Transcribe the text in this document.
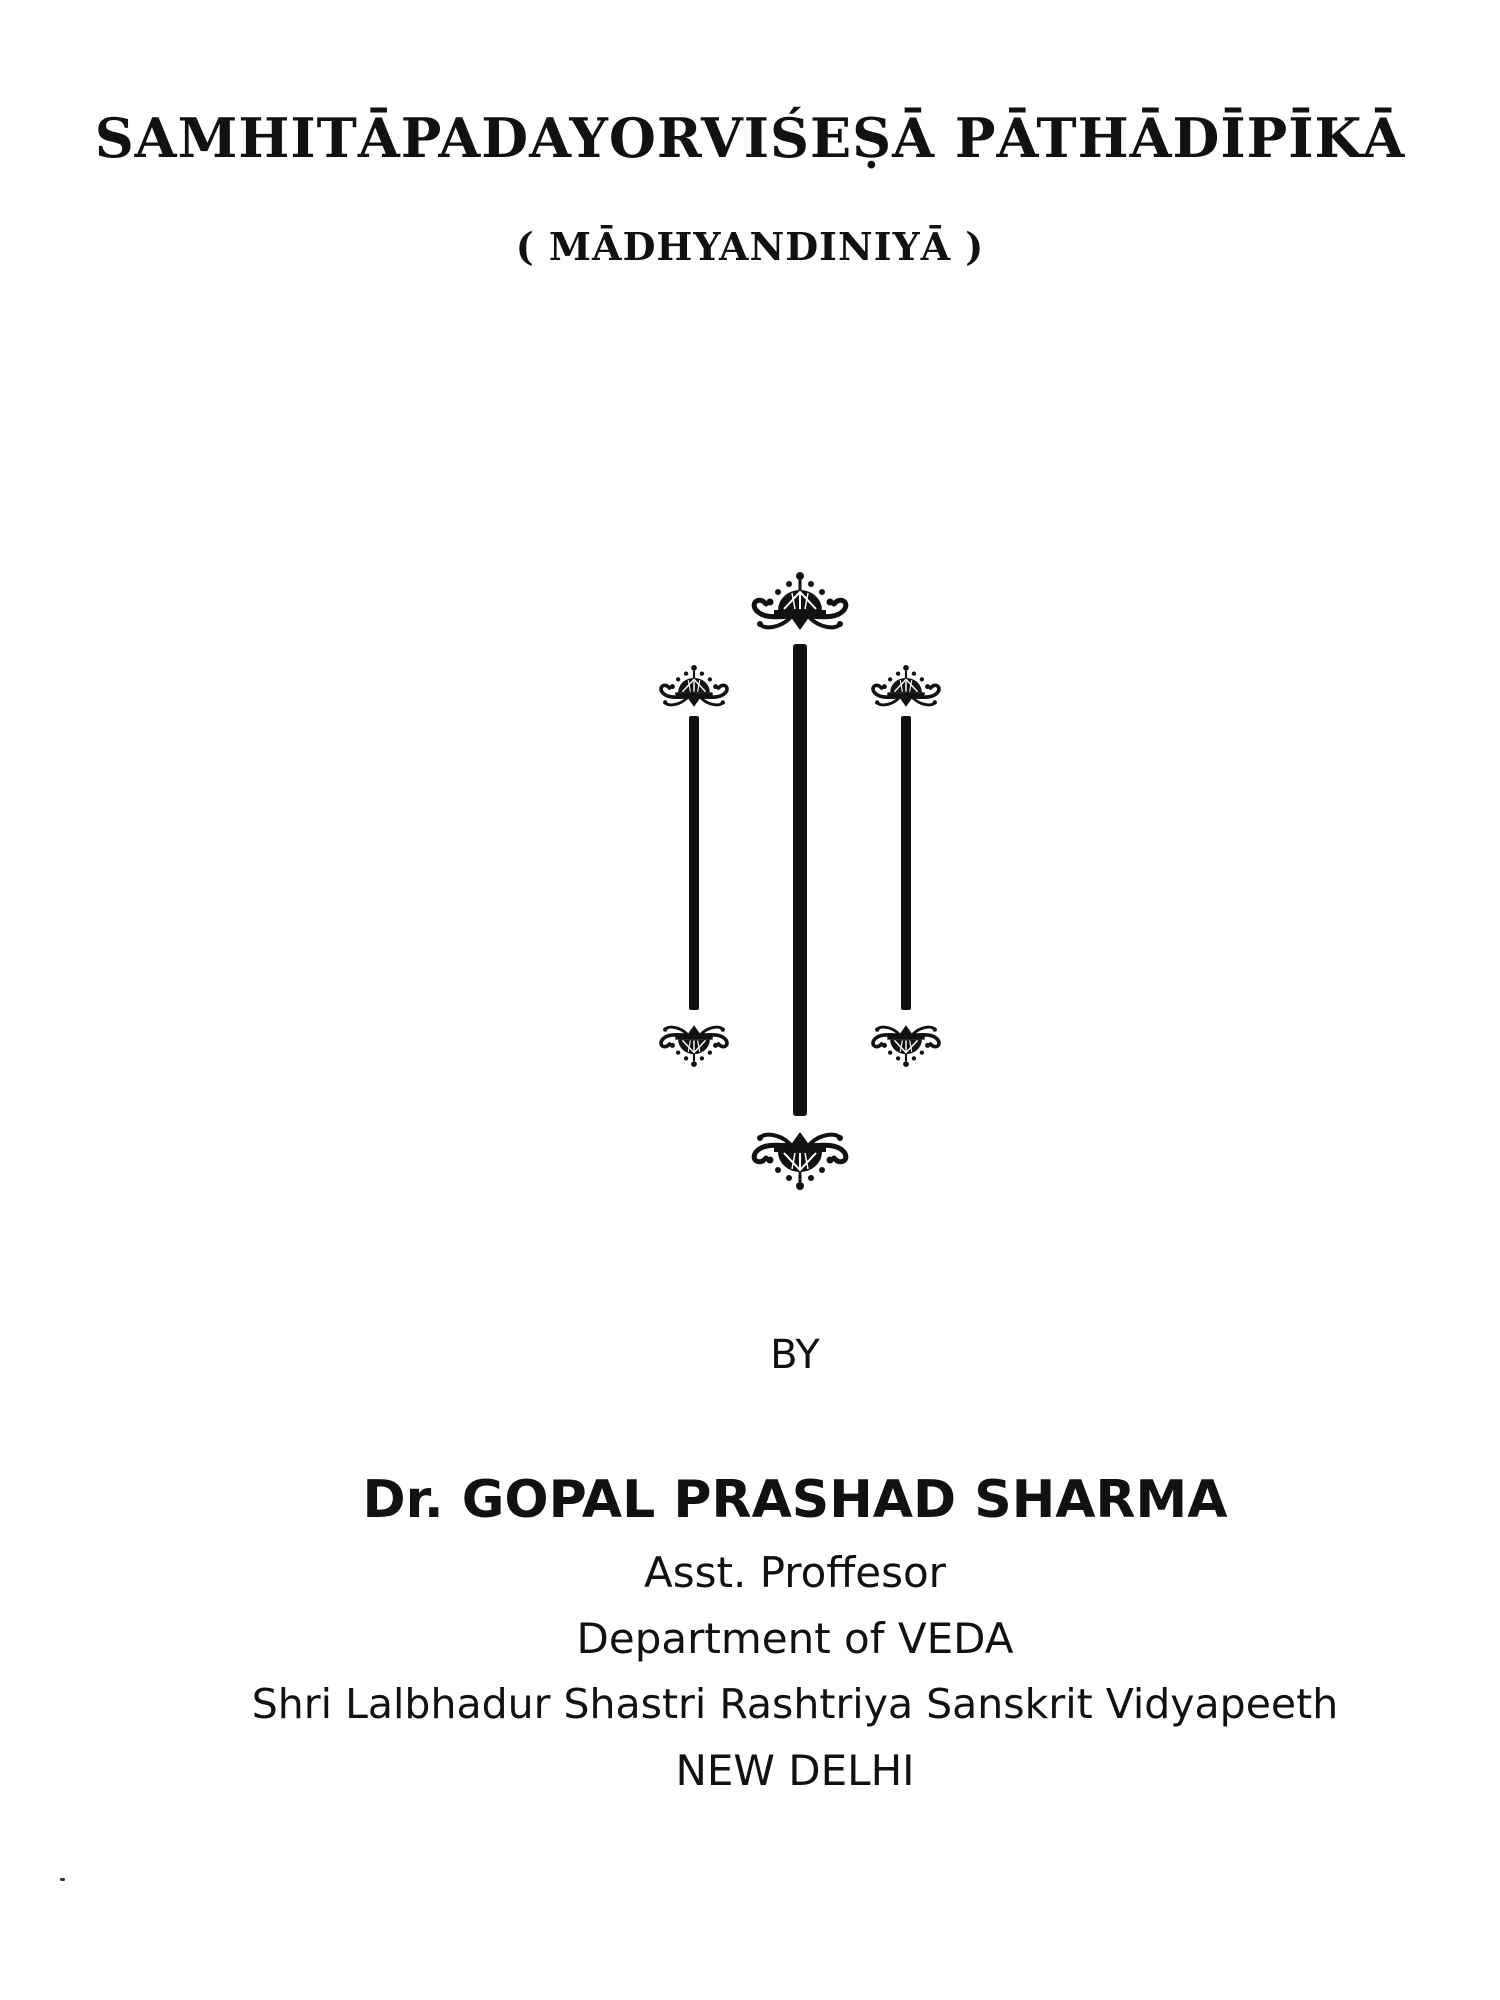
SAMHITĀPADAYORVIŚEṢĀ PĀTHĀDĪPĪKĀ
( MĀDHYANDINIYĀ )
BY
Dr. GOPAL PRASHAD SHARMA
Asst. Proffesor
Department of VEDA
Shri Lalbhadur Shastri Rashtriya Sanskrit Vidyapeeth
NEW DELHI
